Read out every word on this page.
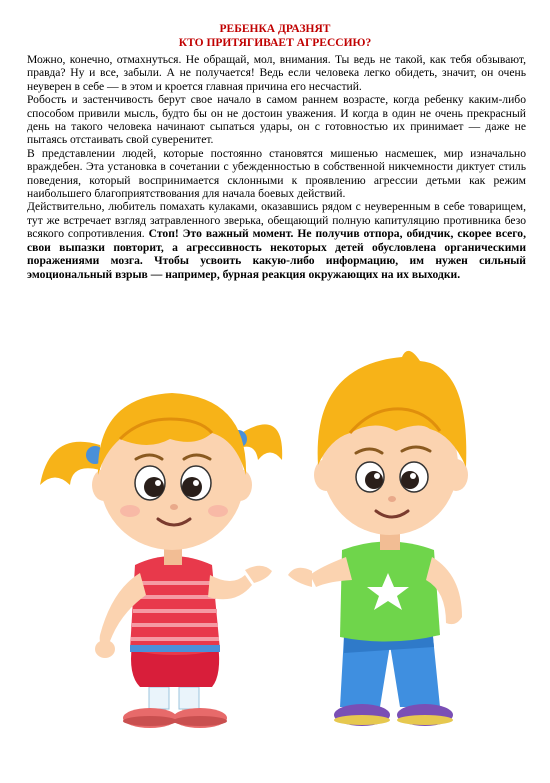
РЕБЕНКА ДРАЗНЯТ
КТО ПРИТЯГИВАЕТ АГРЕССИЮ?

Можно, конечно, отмахнуться. Не обращай, мол, внимания. Ты ведь не такой, как тебя обзывают, правда? Ну и все, забыли. А не получается! Ведь если человека легко обидеть, значит, он очень неуверен в себе — в этом и кроется главная причина его несчастий.

Робость и застенчивость берут свое начало в самом раннем возрасте, когда ребенку каким-либо способом привили мысль, будто бы он не достоин уважения. И когда в один не очень прекрасный день на такого человека начинают сыпаться удары, он с готовностью их принимает — даже не пытаясь отстаивать свой суверенитет.

В представлении людей, которые постоянно становятся мишенью насмешек, мир изначально враждебен. Эта установка в сочетании с убежденностью в собственной никчемности диктует стиль поведения, который воспринимается склонными к проявлению агрессии детьми как режим наибольшего благоприятствования для начала боевых действий.

Действительно, любитель помахать кулаками, оказавшись рядом с неуверенным в себе товарищем, тут же встречает взгляд затравленного зверька, обещающий полную капитуляцию противника безо всякого сопротивления. Стоп! Это важный момент. Не получив отпора, обидчик, скорее всего, свои выпазки повторит, а агрессивность некоторых детей обусловлена органическими поражениями мозга. Чтобы усвоить какую-либо информацию, им нужен сильный эмоциональный взрыв — например, бурная реакция окружающих на их выходки.
